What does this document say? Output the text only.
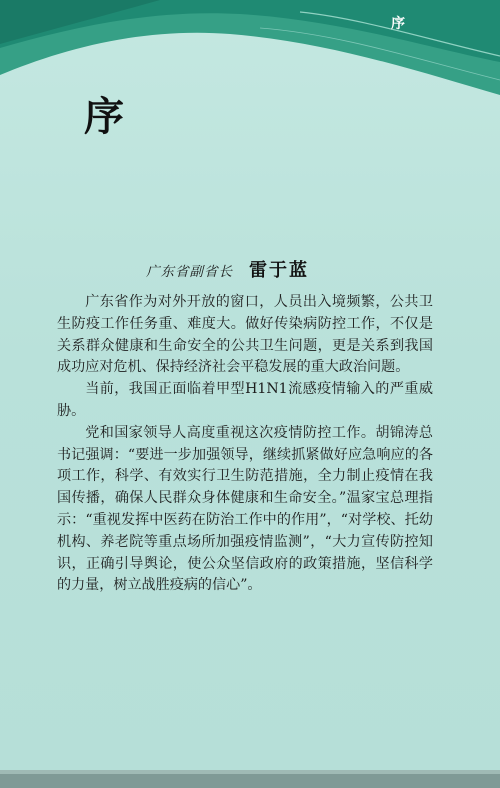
序
序
广东省副省长 雷于蓝

广东省作为对外开放的窗口，人员出入境频繁，公共卫生防疫工作任务重、难度大。做好传染病防控工作，不仅是关系群众健康和生命安全的公共卫生问题，更是关系到我国成功应对危机、保持经济社会平稳发展的重大政治问题。

当前，我国正面临着甲型H1N1流感疫情输入的严重威胁。

党和国家领导人高度重视这次疫情防控工作。胡锦涛总书记强调：“要进一步加强领导，继续抓紧做好应急响应的各项工作，科学、有效实行卫生防范措施，全力制止疫情在我国传播，确保人民群众身体健康和生命安全。”温家宝总理指示：“重视发挥中医药在防治工作中的作用”，“对学校、托幼机构、养老院等重点场所加强疫情监测”，“大力宣传防控知识，正确引导舆论，使公众坚信政府的政策措施，坚信科学的力量，树立战胜疫病的信心”。
